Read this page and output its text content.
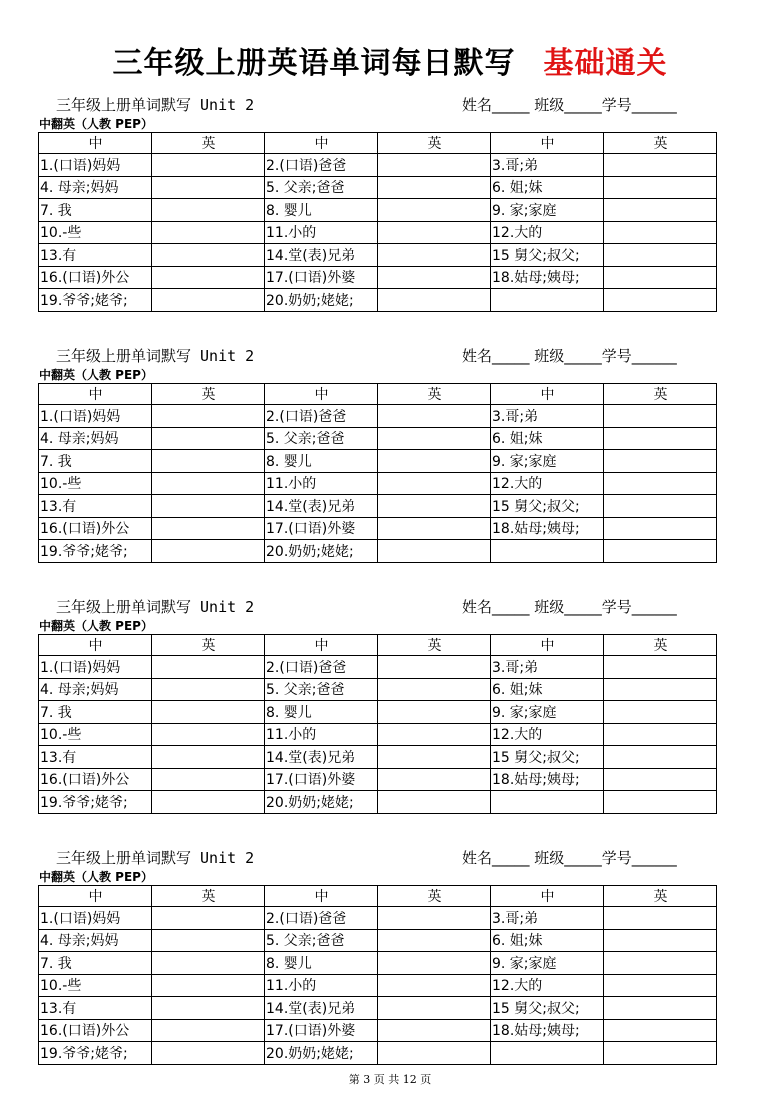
三年级上册英语单词每日默写 基础通关
三年级上册单词默写 Unit 2	姓名_____ 班级_____学号______
中翻英（人教 PEP）
中	英	中	英	中	英
1.(口语)妈妈		2.(口语)爸爸		3.哥;弟	
4. 母亲;妈妈		5. 父亲;爸爸		6. 姐;妹	
7. 我		8. 婴儿		9. 家;家庭	
10.-些		11.小的		12.大的	
13.有		14.堂(表)兄弟		15 舅父;叔父;	
16.(口语)外公		17.(口语)外婆		18.姑母;姨母;	
19.爷爷;姥爷;		20.奶奶;姥姥;			
三年级上册单词默写 Unit 2	姓名_____ 班级_____学号______
中翻英（人教 PEP）
中	英	中	英	中	英
1.(口语)妈妈		2.(口语)爸爸		3.哥;弟	
4. 母亲;妈妈		5. 父亲;爸爸		6. 姐;妹	
7. 我		8. 婴儿		9. 家;家庭	
10.-些		11.小的		12.大的	
13.有		14.堂(表)兄弟		15 舅父;叔父;	
16.(口语)外公		17.(口语)外婆		18.姑母;姨母;	
19.爷爷;姥爷;		20.奶奶;姥姥;			
三年级上册单词默写 Unit 2	姓名_____ 班级_____学号______
中翻英（人教 PEP）
中	英	中	英	中	英
1.(口语)妈妈		2.(口语)爸爸		3.哥;弟	
4. 母亲;妈妈		5. 父亲;爸爸		6. 姐;妹	
7. 我		8. 婴儿		9. 家;家庭	
10.-些		11.小的		12.大的	
13.有		14.堂(表)兄弟		15 舅父;叔父;	
16.(口语)外公		17.(口语)外婆		18.姑母;姨母;	
19.爷爷;姥爷;		20.奶奶;姥姥;			
三年级上册单词默写 Unit 2	姓名_____ 班级_____学号______
中翻英（人教 PEP）
中	英	中	英	中	英
1.(口语)妈妈		2.(口语)爸爸		3.哥;弟	
4. 母亲;妈妈		5. 父亲;爸爸		6. 姐;妹	
7. 我		8. 婴儿		9. 家;家庭	
10.-些		11.小的		12.大的	
13.有		14.堂(表)兄弟		15 舅父;叔父;	
16.(口语)外公		17.(口语)外婆		18.姑母;姨母;	
19.爷爷;姥爷;		20.奶奶;姥姥;			
第 3 页 共 12 页
